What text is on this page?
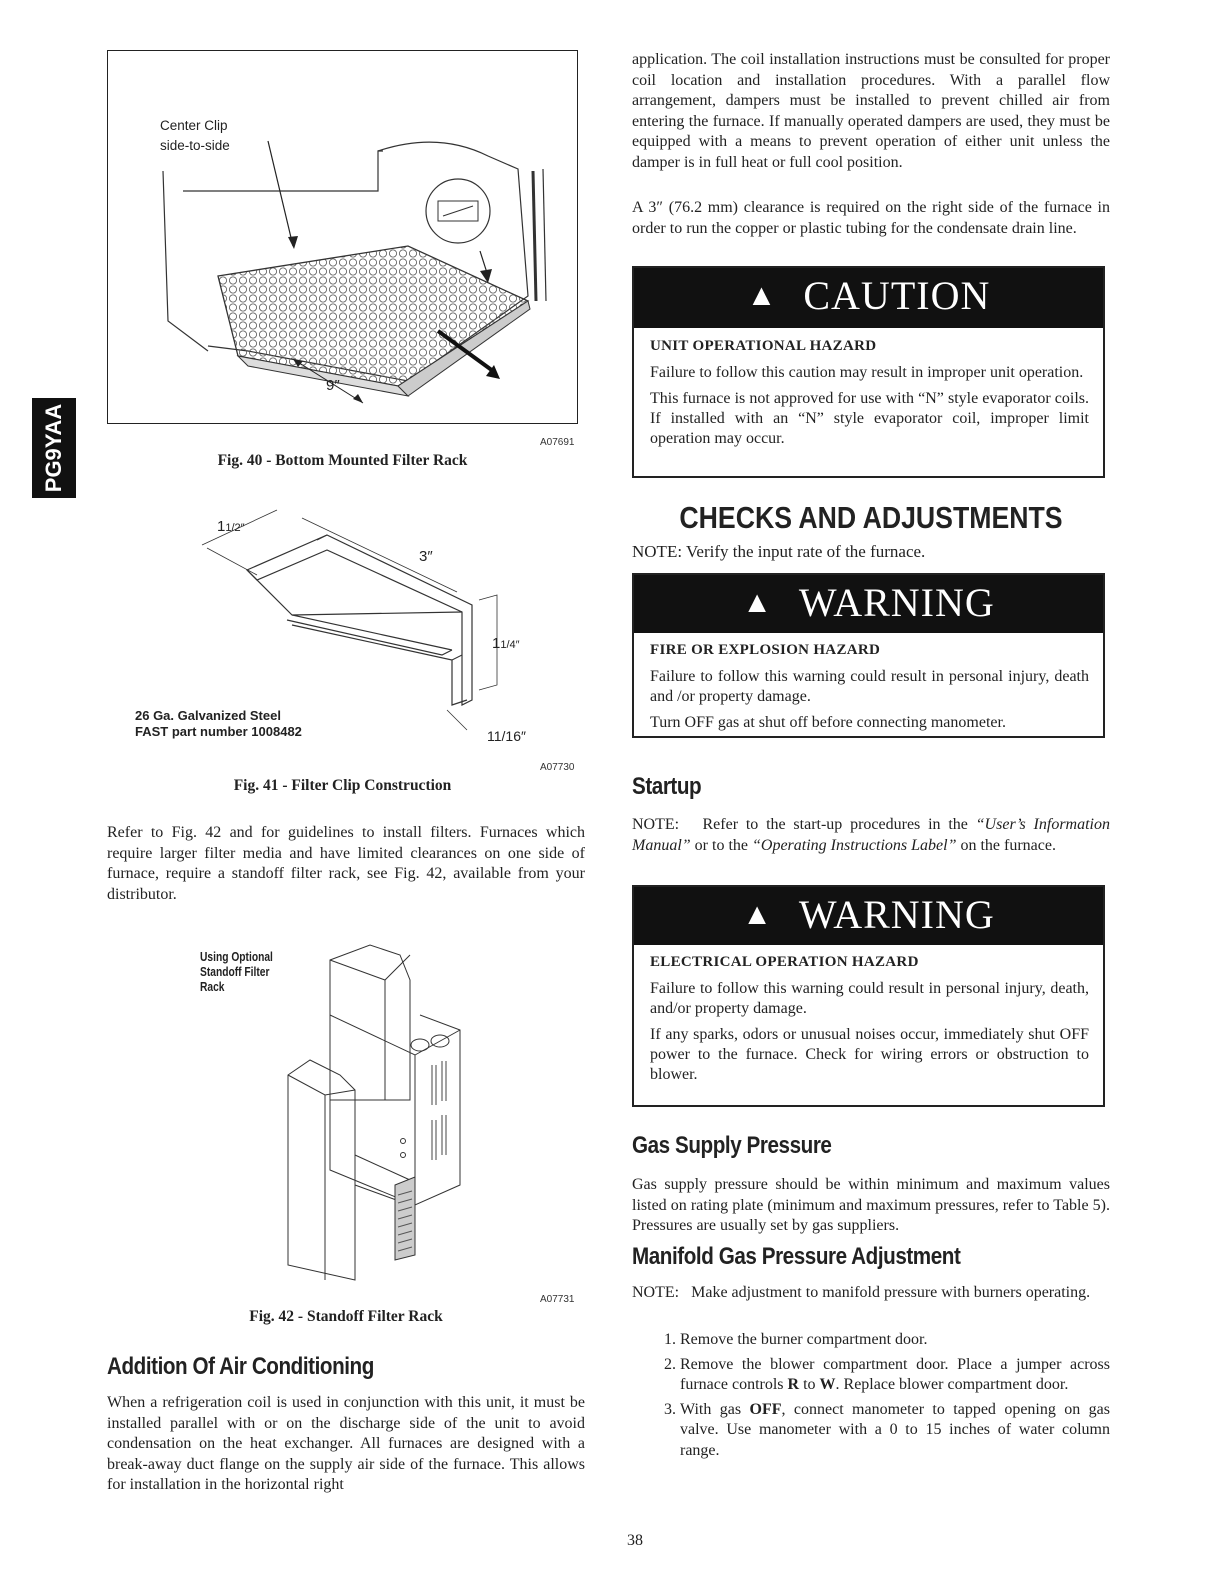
PG9YAA
Center Clip
side-to-side
9″
A07691
Fig. 40 - Bottom Mounted Filter Rack
11/2″
3″
11/4″
11/16″
26 Ga. Galvanized Steel
FAST part number 1008482
A07730
Fig. 41 - Filter Clip Construction
Refer to Fig. 42 and for guidelines to install filters. Furnaces which require larger filter media and have limited clearances on one side of furnace, require a standoff filter rack, see Fig. 42, available from your distributor.
Using Optional
Standoff Filter
Rack
A07731
Fig. 42 - Standoff Filter Rack
Addition Of Air Conditioning
When a refrigeration coil is used in conjunction with this unit, it must be installed parallel with or on the discharge side of the unit to avoid condensation on the heat exchanger. All furnaces are designed with a break-away duct flange on the supply air side of the furnace. This allows for installation in the horizontal right
application. The coil installation instructions must be consulted for proper coil location and installation procedures. With a parallel flow arrangement, dampers must be installed to prevent chilled air from entering the furnace. If manually operated dampers are used, they must be equipped with a means to prevent operation of either unit unless the damper is in full heat or full cool position.
A 3″ (76.2 mm) clearance is required on the right side of the furnace in order to run the copper or plastic tubing for the condensate drain line.
▲ CAUTION
UNIT OPERATIONAL HAZARD

Failure to follow this caution may result in improper unit operation.

This furnace is not approved for use with “N” style evaporator coils. If installed with an “N” style evaporator coil, improper limit operation may occur.

CHECKS AND ADJUSTMENTS
NOTE: Verify the input rate of the furnace.
▲ WARNING
FIRE OR EXPLOSION HAZARD

Failure to follow this warning could result in personal injury, death and /or property damage.

Turn OFF gas at shut off before connecting manometer.

Startup
NOTE: Refer to the start-up procedures in the “User’s Information Manual” or to the “Operating Instructions Label” on the furnace.
▲ WARNING
ELECTRICAL OPERATION HAZARD

Failure to follow this warning could result in personal injury, death, and/or property damage.

If any sparks, odors or unusual noises occur, immediately shut OFF power to the furnace. Check for wiring errors or obstruction to blower.

Gas Supply Pressure
Gas supply pressure should be within minimum and maximum values listed on rating plate (minimum and maximum pressures, refer to Table 5). Pressures are usually set by gas suppliers.
Manifold Gas Pressure Adjustment
NOTE: Make adjustment to manifold pressure with burners operating.
1. Remove the burner compartment door.
2. Remove the blower compartment door. Place a jumper across furnace controls R to W. Replace blower compartment door.
3. With gas OFF, connect manometer to tapped opening on gas valve. Use manometer with a 0 to 15 inches of water column range.
38
